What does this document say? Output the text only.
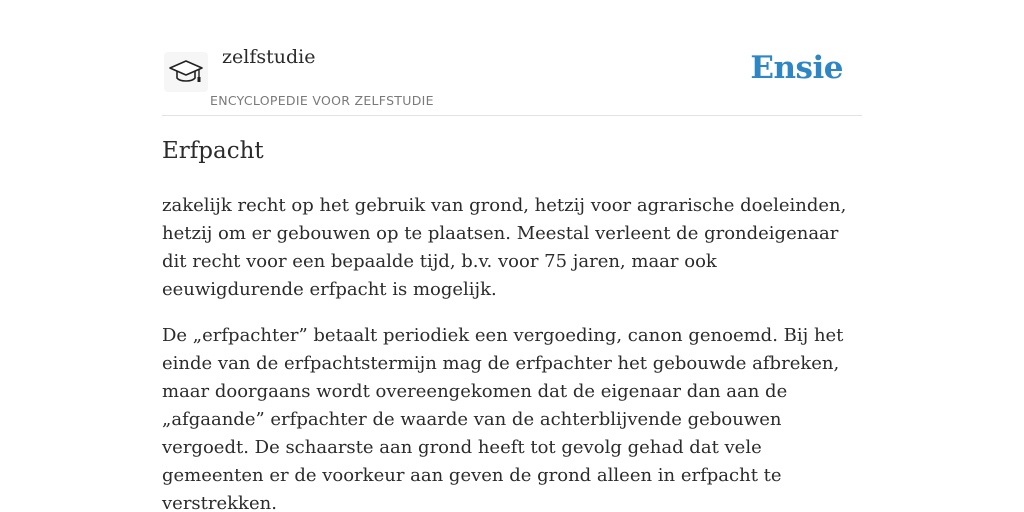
zelfstudie
ENCYCLOPEDIE VOOR ZELFSTUDIE
Ensie
Erfpacht

zakelijk recht op het gebruik van grond, hetzij voor agrarische doeleinden, hetzij om er gebouwen op te plaatsen. Meestal verleent de grondeigenaar dit recht voor een bepaalde tijd, b.v. voor 75 jaren, maar ook eeuwigdurende erfpacht is mogelijk.

De „erfpachter” betaalt periodiek een vergoeding, canon genoemd. Bij het einde van de erfpachtstermijn mag de erfpachter het gebouwde afbreken, maar doorgaans wordt overeengekomen dat de eigenaar dan aan de „afgaande” erfpachter de waarde van de achterblijvende gebouwen vergoedt. De schaarste aan grond heeft tot gevolg gehad dat vele gemeenten er de voorkeur aan geven de grond alleen in erfpacht te verstrekken.
